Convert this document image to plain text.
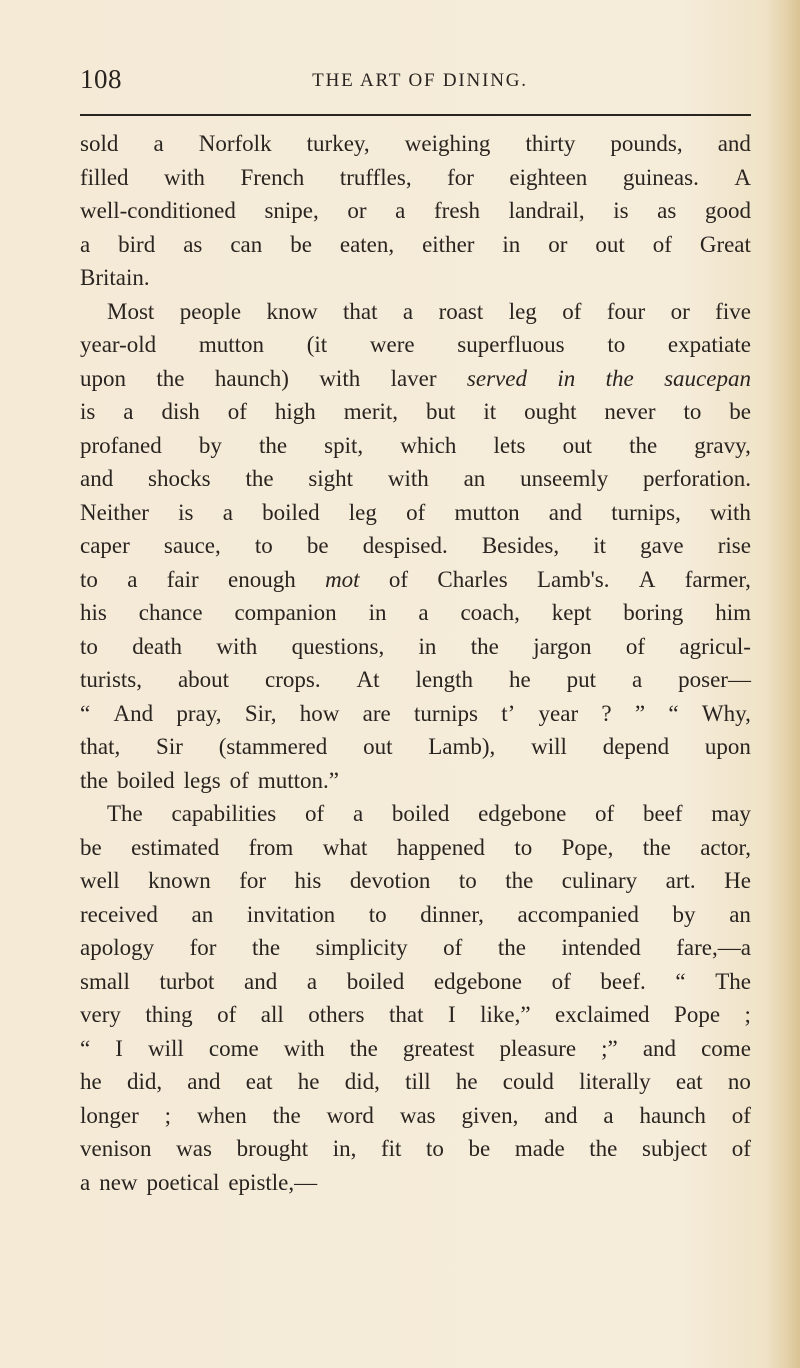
108	THE ART OF DINING.
sold a Norfolk turkey, weighing thirty pounds, and
filled with French truffles, for eighteen guineas. A
well-conditioned snipe, or a fresh landrail, is as good
a bird as can be eaten, either in or out of Great
Britain.
Most people know that a roast leg of four or five
year-old mutton (it were superfluous to expatiate
upon the haunch) with laver served in the saucepan
is a dish of high merit, but it ought never to be
profaned by the spit, which lets out the gravy,
and shocks the sight with an unseemly perforation.
Neither is a boiled leg of mutton and turnips, with
caper sauce, to be despised. Besides, it gave rise
to a fair enough mot of Charles Lamb's. A farmer,
his chance companion in a coach, kept boring him
to death with questions, in the jargon of agricul-
turists, about crops. At length he put a poser—
“ And pray, Sir, how are turnips t’ year ? ” “ Why,
that, Sir (stammered out Lamb), will depend upon
the boiled legs of mutton.”
The capabilities of a boiled edgebone of beef may
be estimated from what happened to Pope, the actor,
well known for his devotion to the culinary art. He
received an invitation to dinner, accompanied by an
apology for the simplicity of the intended fare,—a
small turbot and a boiled edgebone of beef. “ The
very thing of all others that I like,” exclaimed Pope ;
“ I will come with the greatest pleasure ;” and come
he did, and eat he did, till he could literally eat no
longer ; when the word was given, and a haunch of
venison was brought in, fit to be made the subject of
a new poetical epistle,—
